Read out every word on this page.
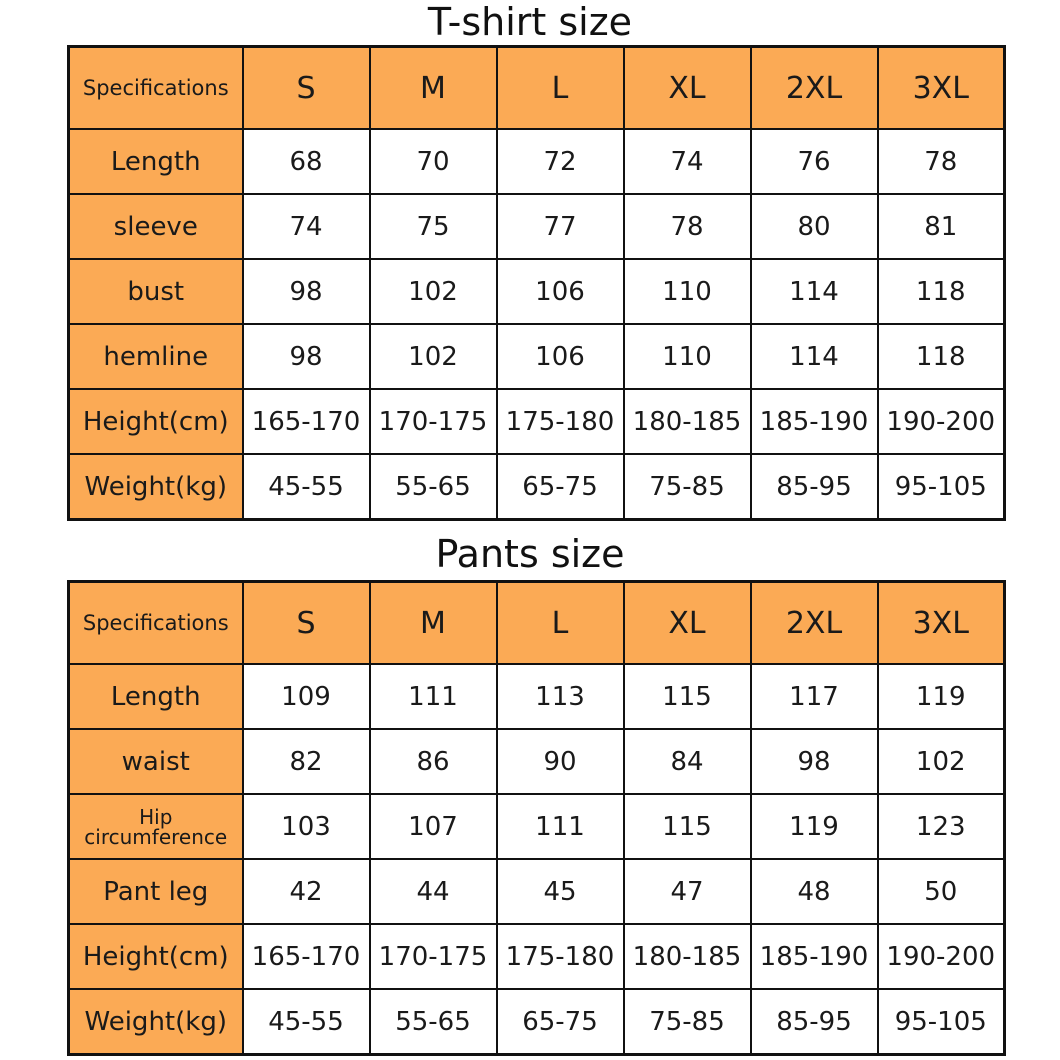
T-shirt size
Specifications	S	M	L	XL	2XL	3XL
Length	68	70	72	74	76	78
sleeve	74	75	77	78	80	81
bust	98	102	106	110	114	118
hemline	98	102	106	110	114	118
Height(cm)	165-170	170-175	175-180	180-185	185-190	190-200
Weight(kg)	45-55	55-65	65-75	75-85	85-95	95-105
Pants size
Specifications	S	M	L	XL	2XL	3XL
Length	109	111	113	115	117	119
waist	82	86	90	84	98	102

Hip
circumference	103	107	111	115	119	123
Pant leg	42	44	45	47	48	50
Height(cm)	165-170	170-175	175-180	180-185	185-190	190-200
Weight(kg)	45-55	55-65	65-75	75-85	85-95	95-105
